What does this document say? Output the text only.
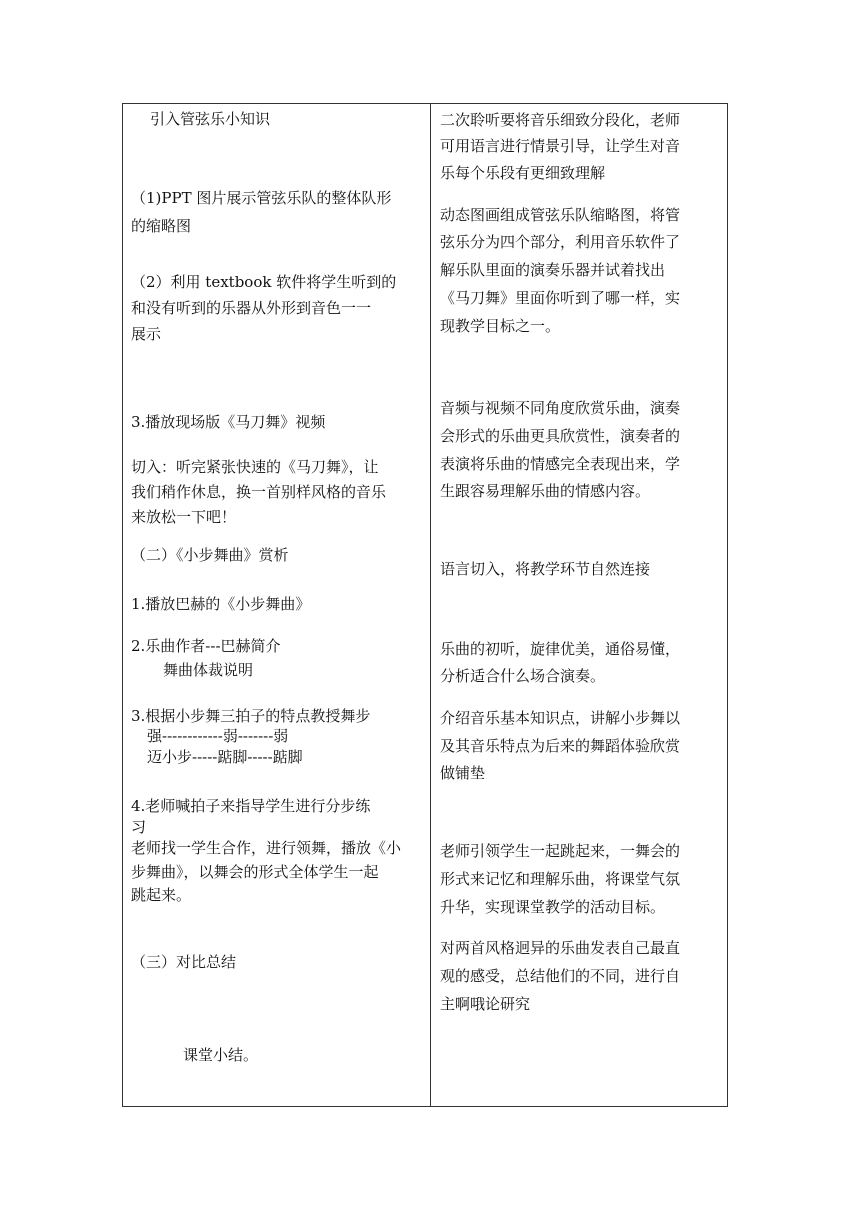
引入管弦乐小知识
（1)PPT 图片展示管弦乐队的整体队形
的缩略图
（2）利用 textbook 软件将学生听到的
和没有听到的乐器从外形到音色一一
展示
3.播放现场版《马刀舞》视频
切入：听完紧张快速的《马刀舞》，让
我们稍作休息，换一首别样风格的音乐
来放松一下吧！
（二）《小步舞曲》赏析
1.播放巴赫的《小步舞曲》
2.乐曲作者---巴赫简介
舞曲体裁说明
3.根据小步舞三拍子的特点教授舞步
强------------弱-------弱
迈小步-----踮脚-----踮脚
4.老师喊拍子来指导学生进行分步练
习
老师找一学生合作，进行领舞，播放《小
步舞曲》，以舞会的形式全体学生一起
跳起来。
（三）对比总结
课堂小结。
二次聆听要将音乐细致分段化，老师
可用语言进行情景引导，让学生对音
乐每个乐段有更细致理解
动态图画组成管弦乐队缩略图，将管
弦乐分为四个部分，利用音乐软件了
解乐队里面的演奏乐器并试着找出
《马刀舞》里面你听到了哪一样，实
现教学目标之一。
音频与视频不同角度欣赏乐曲，演奏
会形式的乐曲更具欣赏性，演奏者的
表演将乐曲的情感完全表现出来，学
生跟容易理解乐曲的情感内容。
语言切入，将教学环节自然连接
乐曲的初听，旋律优美，通俗易懂，
分析适合什么场合演奏。
介绍音乐基本知识点，讲解小步舞以
及其音乐特点为后来的舞蹈体验欣赏
做铺垫
老师引领学生一起跳起来，一舞会的
形式来记忆和理解乐曲，将课堂气氛
升华，实现课堂教学的活动目标。
对两首风格迥异的乐曲发表自己最直
观的感受，总结他们的不同，进行自
主啊哦论研究
